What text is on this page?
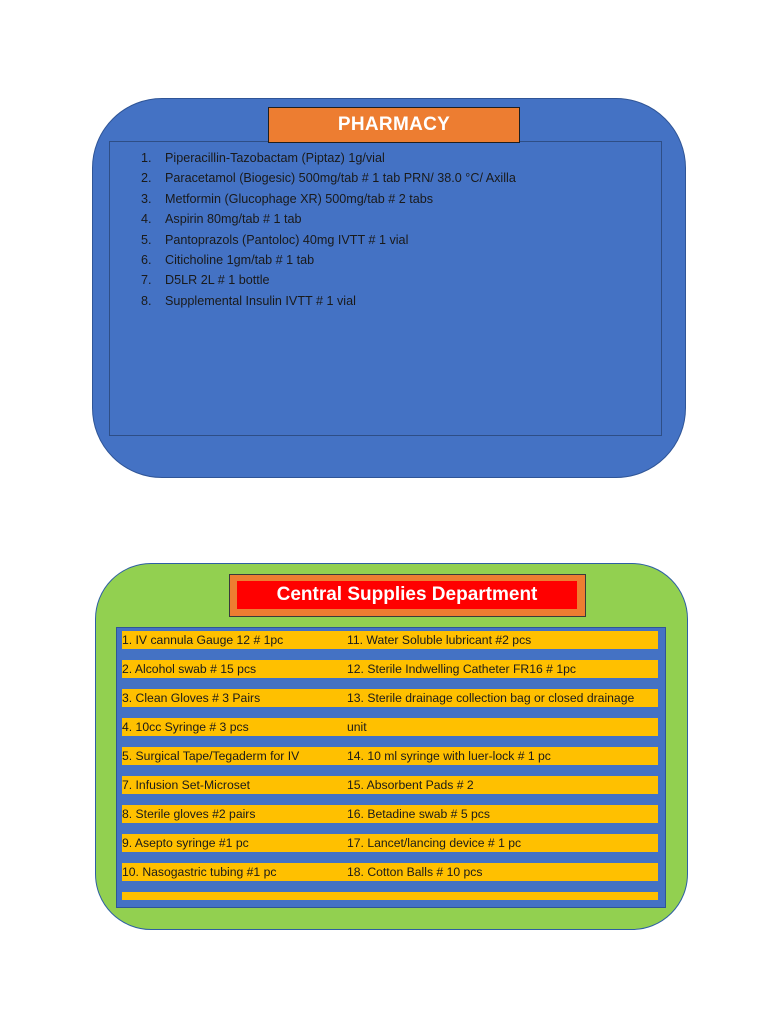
PHARMACY
1.	Piperacillin-Tazobactam (Piptaz) 1g/vial
2.	Paracetamol (Biogesic) 500mg/tab # 1 tab PRN/ 38.0 °C/ Axilla
3.	Metformin (Glucophage XR) 500mg/tab # 2 tabs
4.	Aspirin 80mg/tab # 1 tab
5.	Pantoprazols (Pantoloc) 40mg IVTT # 1 vial
6.	Citicholine 1gm/tab # 1 tab
7.	D5LR 2L # 1 bottle
8.	Supplemental Insulin IVTT # 1 vial
Central Supplies Department
1. IV cannula Gauge 12 # 1pc	11. Water Soluble lubricant #2 pcs
2. Alcohol swab # 15 pcs	12. Sterile Indwelling Catheter FR16 # 1pc
3. Clean Gloves # 3 Pairs	13. Sterile drainage collection bag or closed drainage
4. 10cc Syringe # 3 pcs	unit
5. Surgical Tape/Tegaderm for IV	14. 10 ml syringe with luer-lock # 1 pc
7. Infusion Set-Microset	15. Absorbent Pads # 2
8. Sterile gloves #2 pairs	16. Betadine swab # 5 pcs
9. Asepto syringe #1 pc	17. Lancet/lancing device # 1 pc
10. Nasogastric tubing #1 pc	18. Cotton Balls # 10 pcs
